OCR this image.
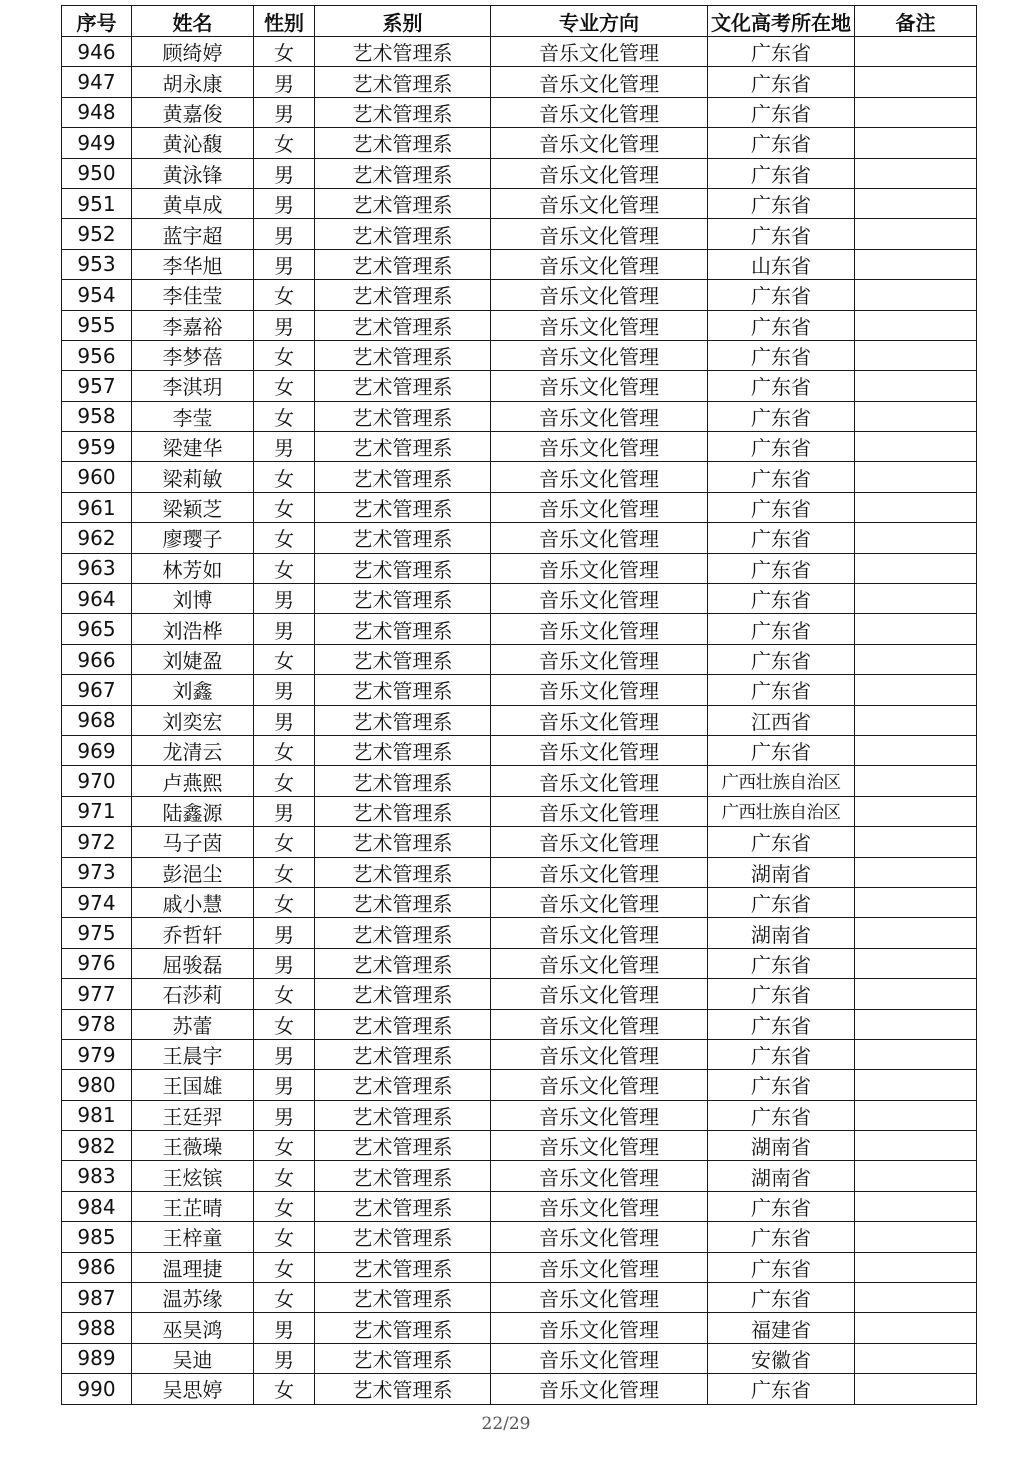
序号	姓名	性别	系别	专业方向	文化高考所在地	备注
946	顾绮婷	女	艺术管理系	音乐文化管理	广东省	
947	胡永康	男	艺术管理系	音乐文化管理	广东省	
948	黄嘉俊	男	艺术管理系	音乐文化管理	广东省	
949	黄沁馥	女	艺术管理系	音乐文化管理	广东省	
950	黄泳锋	男	艺术管理系	音乐文化管理	广东省	
951	黄卓成	男	艺术管理系	音乐文化管理	广东省	
952	蓝宇超	男	艺术管理系	音乐文化管理	广东省	
953	李华旭	男	艺术管理系	音乐文化管理	山东省	
954	李佳莹	女	艺术管理系	音乐文化管理	广东省	
955	李嘉裕	男	艺术管理系	音乐文化管理	广东省	
956	李梦蓓	女	艺术管理系	音乐文化管理	广东省	
957	李淇玥	女	艺术管理系	音乐文化管理	广东省	
958	李莹	女	艺术管理系	音乐文化管理	广东省	
959	梁建华	男	艺术管理系	音乐文化管理	广东省	
960	梁莉敏	女	艺术管理系	音乐文化管理	广东省	
961	梁颖芝	女	艺术管理系	音乐文化管理	广东省	
962	廖璎子	女	艺术管理系	音乐文化管理	广东省	
963	林芳如	女	艺术管理系	音乐文化管理	广东省	
964	刘博	男	艺术管理系	音乐文化管理	广东省	
965	刘浩桦	男	艺术管理系	音乐文化管理	广东省	
966	刘婕盈	女	艺术管理系	音乐文化管理	广东省	
967	刘鑫	男	艺术管理系	音乐文化管理	广东省	
968	刘奕宏	男	艺术管理系	音乐文化管理	江西省	
969	龙清云	女	艺术管理系	音乐文化管理	广东省	
970	卢燕熙	女	艺术管理系	音乐文化管理	广西壮族自治区	
971	陆鑫源	男	艺术管理系	音乐文化管理	广西壮族自治区	
972	马子茵	女	艺术管理系	音乐文化管理	广东省	
973	彭浥尘	女	艺术管理系	音乐文化管理	湖南省	
974	戚小慧	女	艺术管理系	音乐文化管理	广东省	
975	乔哲轩	男	艺术管理系	音乐文化管理	湖南省	
976	屈骏磊	男	艺术管理系	音乐文化管理	广东省	
977	石莎莉	女	艺术管理系	音乐文化管理	广东省	
978	苏蕾	女	艺术管理系	音乐文化管理	广东省	
979	王晨宇	男	艺术管理系	音乐文化管理	广东省	
980	王国雄	男	艺术管理系	音乐文化管理	广东省	
981	王廷羿	男	艺术管理系	音乐文化管理	广东省	
982	王薇璪	女	艺术管理系	音乐文化管理	湖南省	
983	王炫镔	女	艺术管理系	音乐文化管理	湖南省	
984	王芷晴	女	艺术管理系	音乐文化管理	广东省	
985	王梓童	女	艺术管理系	音乐文化管理	广东省	
986	温理捷	女	艺术管理系	音乐文化管理	广东省	
987	温苏缘	女	艺术管理系	音乐文化管理	广东省	
988	巫昊鸿	男	艺术管理系	音乐文化管理	福建省	
989	吴迪	男	艺术管理系	音乐文化管理	安徽省	
990	吴思婷	女	艺术管理系	音乐文化管理	广东省	
22/29
